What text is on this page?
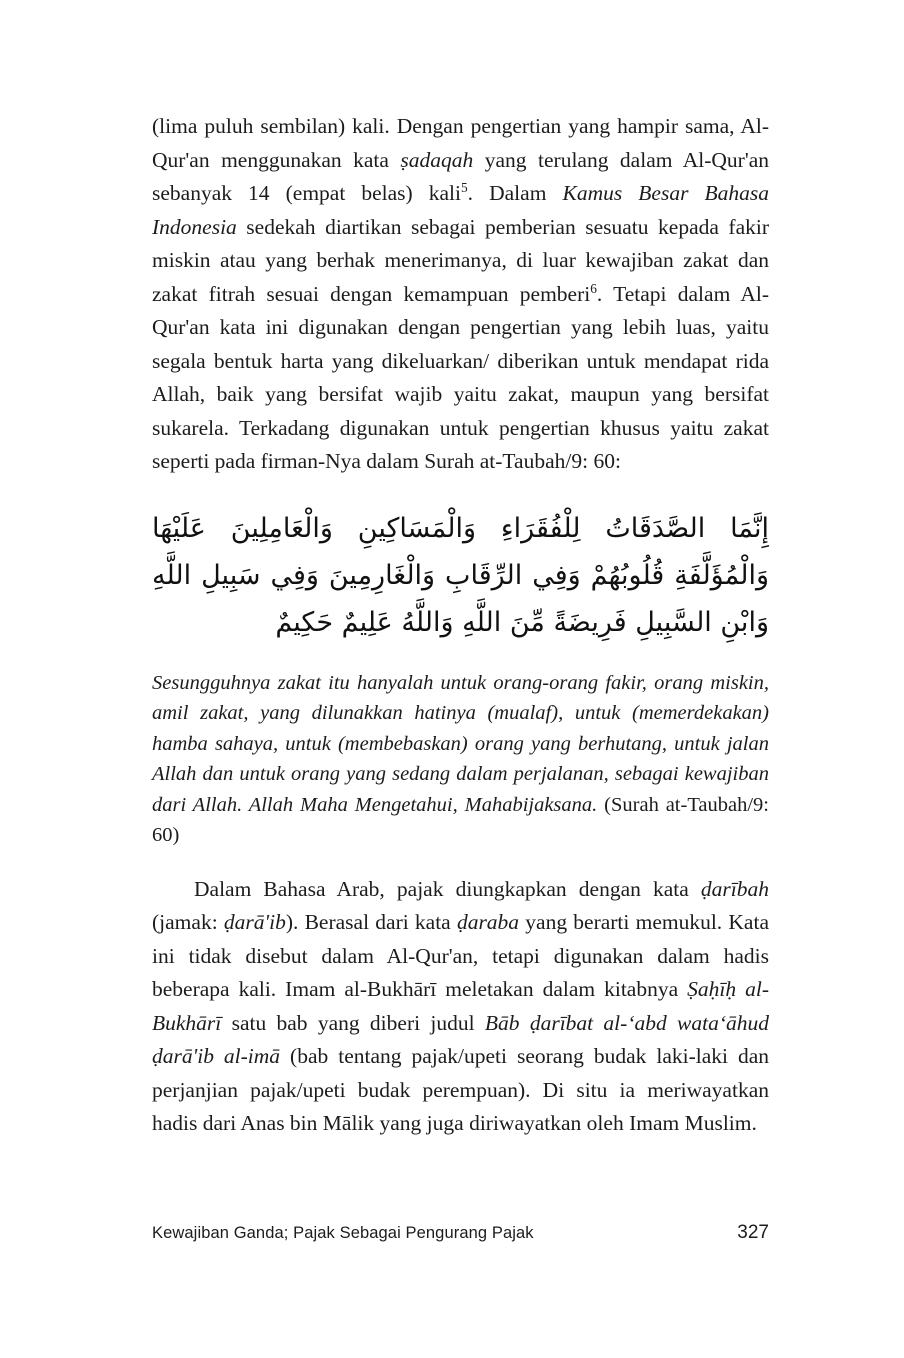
(lima puluh sembilan) kali. Dengan pengertian yang hampir sama, Al-Qur'an menggunakan kata ṣadaqah yang terulang dalam Al-Qur'an sebanyak 14 (empat belas) kali$^5$. Dalam Kamus Besar Bahasa Indonesia sedekah diartikan sebagai pemberian sesuatu kepada fakir miskin atau yang berhak menerimanya, di luar kewajiban zakat dan zakat fitrah sesuai dengan kemampuan pemberi$^6$. Tetapi dalam Al-Qur'an kata ini digunakan dengan pengertian yang lebih luas, yaitu segala bentuk harta yang dikeluarkan/ diberikan untuk mendapat rida Allah, baik yang bersifat wajib yaitu zakat, maupun yang bersifat sukarela. Terkadang digunakan untuk pengertian khusus yaitu zakat seperti pada firman-Nya dalam Surah at-Taubah/9: 60:

إِنَّمَا الصَّدَقَاتُ لِلْفُقَرَاءِ وَالْمَسَاكِينِ وَالْعَامِلِينَ عَلَيْهَا وَالْمُؤَلَّفَةِ قُلُوبُهُمْ وَفِي الرِّقَابِ وَالْغَارِمِينَ وَفِي سَبِيلِ اللَّهِ وَابْنِ السَّبِيلِ فَرِيضَةً مِّنَ اللَّهِ وَاللَّهُ عَلِيمٌ حَكِيمٌ

Sesungguhnya zakat itu hanyalah untuk orang-orang fakir, orang miskin, amil zakat, yang dilunakkan hatinya (mualaf), untuk (memerdekakan) hamba sahaya, untuk (membebaskan) orang yang berhutang, untuk jalan Allah dan untuk orang yang sedang dalam perjalanan, sebagai kewajiban dari Allah. Allah Maha Mengetahui, Mahabijaksana. (Surah at-Taubah/9: 60)

Dalam Bahasa Arab, pajak diungkapkan dengan kata ḍarībah (jamak: ḍarā'ib). Berasal dari kata ḍaraba yang berarti memukul. Kata ini tidak disebut dalam Al-Qur'an, tetapi digunakan dalam hadis beberapa kali. Imam al-Bukhārī meletakan dalam kitabnya Ṣaḥīḥ al-Bukhārī satu bab yang diberi judul Bāb ḍarībat al-ʻabd wataʻāhud ḍarā'ib al-imā (bab tentang pajak/upeti seorang budak laki-laki dan perjanjian pajak/upeti budak perempuan). Di situ ia meriwayatkan hadis dari Anas bin Mālik yang juga diriwayatkan oleh Imam Muslim.

Kewajiban Ganda; Pajak Sebagai Pengurang Pajak	327
